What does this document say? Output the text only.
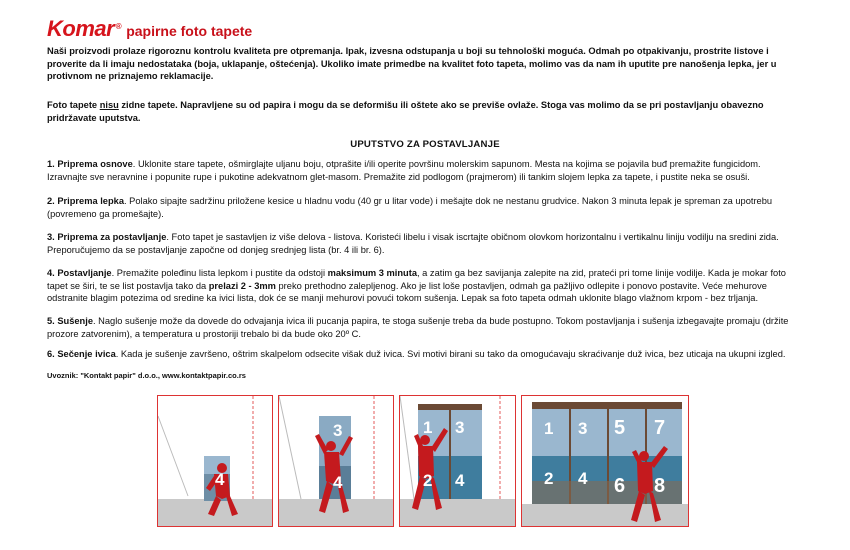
Komar ® papirne foto tapete
Naši proizvodi prolaze rigoroznu kontrolu kvaliteta pre otpremanja. Ipak, izvesna odstupanja u boji su tehnološki moguća. Odmah po otpakivanju, prostrite listove i proverite da li imaju nedostataka (boja, uklapanje, oštećenja). Ukoliko imate primedbe na kvalitet foto tapeta, molimo vas da nam ih uputite pre nanošenja lepka, jer u protivnom ne priznajemo reklamacije.
Foto tapete nisu zidne tapete. Napravljene su od papira i mogu da se deformišu ili oštete ako se previše ovlaže. Stoga vas molimo da se pri postavljanju obavezno pridržavate uputstva.
UPUTSTVO ZA POSTAVLJANJE
1. Priprema osnove. Uklonite stare tapete, ošmirglajte uljanu boju, otprašite i/ili operite površinu molerskim sapunom. Mesta na kojima se pojavila buđ premažite fungicidom. Izravnajte sve neravnine i popunite rupe i pukotine adekvatnom glet-masom. Premažite zid podlogom (prajmerom) ili tankim slojem lepka za tapete, i pustite neka se osuši.
2. Priprema lepka. Polako sipajte sadržinu priložene kesice u hladnu vodu (40 gr u litar vode) i mešajte dok ne nestanu grudvice. Nakon 3 minuta lepak je spreman za upotrebu (povremeno ga promešajte).
3. Priprema za postavljanje. Foto tapet je sastavljen iz više delova - listova. Koristeći libelu i visak iscrtajte običnom olovkom horizontalnu i vertikalnu liniju vodilju na sredini zida. Preporučujemo da se postavljanje započne od donjeg srednjeg lista (br. 4 ili br. 6).
4. Postavljanje. Premažite poleđinu lista lepkom i pustite da odstoji maksimum 3 minuta, a zatim ga bez savijanja zalepite na zid, prateći pri tome linije vodilje. Kada je mokar foto tapet se širi, te se list postavlja tako da prelazi 2 - 3mm preko prethodno zalepljenog. Ako je list loše postavljen, odmah ga pažljivo odlepite i ponovo postavite. Veće mehurove odstranite blagim potezima od sredine ka ivici lista, dok će se manji mehurovi povući tokom sušenja. Lepak sa foto tapeta odmah uklonite blago vlažnom krpom - bez trljanja.
5. Sušenje. Naglo sušenje može da dovede do odvajanja ivica ili pucanja papira, te stoga sušenje treba da bude postupno. Tokom postavljanja i sušenja izbegavajte promaju (držite prozore zatvorenim), a temperatura u prostoriji trebalo bi da bude oko 20º C.
6. Sečenje ivica. Kada je sušenje završeno, oštrim skalpelom odsecite višak duž ivica. Svi motivi birani su tako da omogućavaju skraćivanje duž ivica, bez uticaja na ukupni izgled.
Uvoznik: "Kontakt papir" d.o.o., www.kontaktpapir.co.rs
4
3
4
1 3
2 4
1 3 5 7
2 4 6 8
